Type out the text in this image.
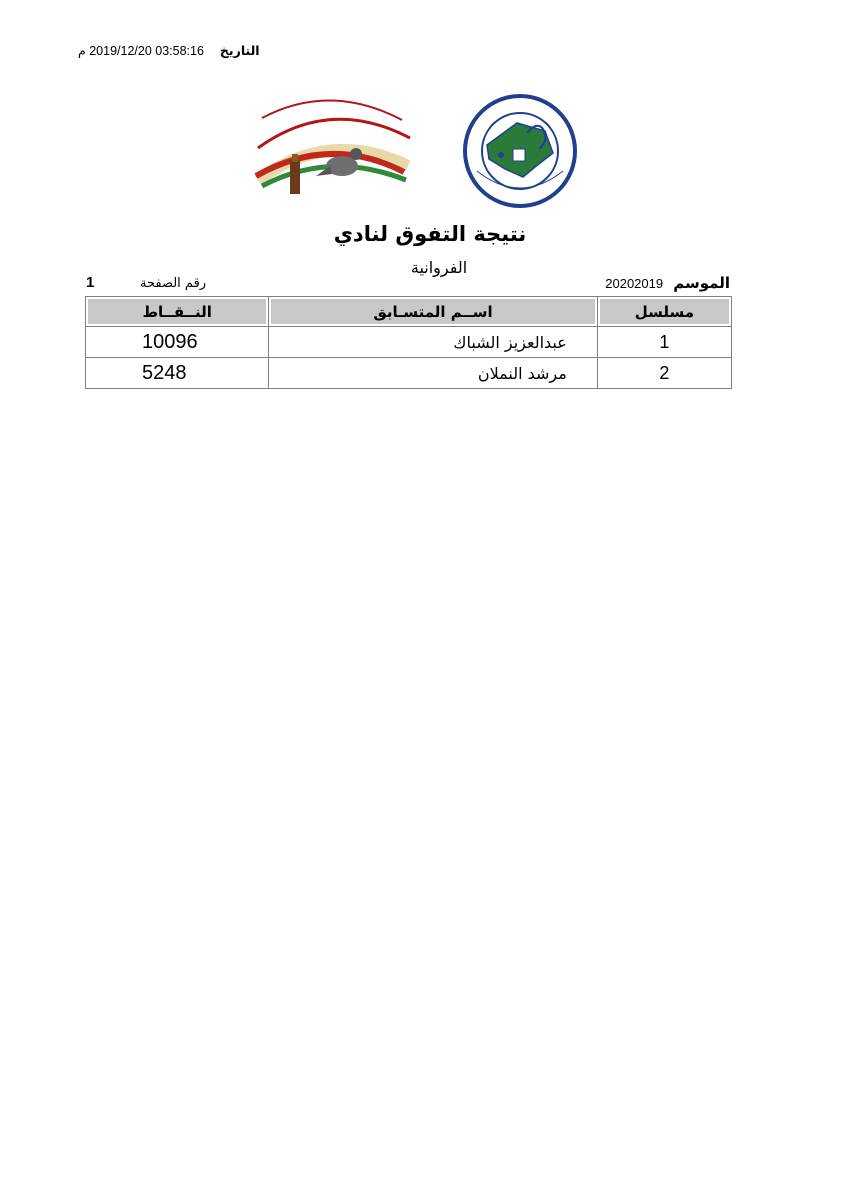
التاريخ 03:58:16 2019/12/20 م
نتيجة التفوق لنادي
الفروانية
الموسم 20202019
1	رقم الصفحة
مسلسل	اســم المتسـابق	النــقــاط
1	عبدالعزيز الشباك	10096
2	مرشد النملان	5248
